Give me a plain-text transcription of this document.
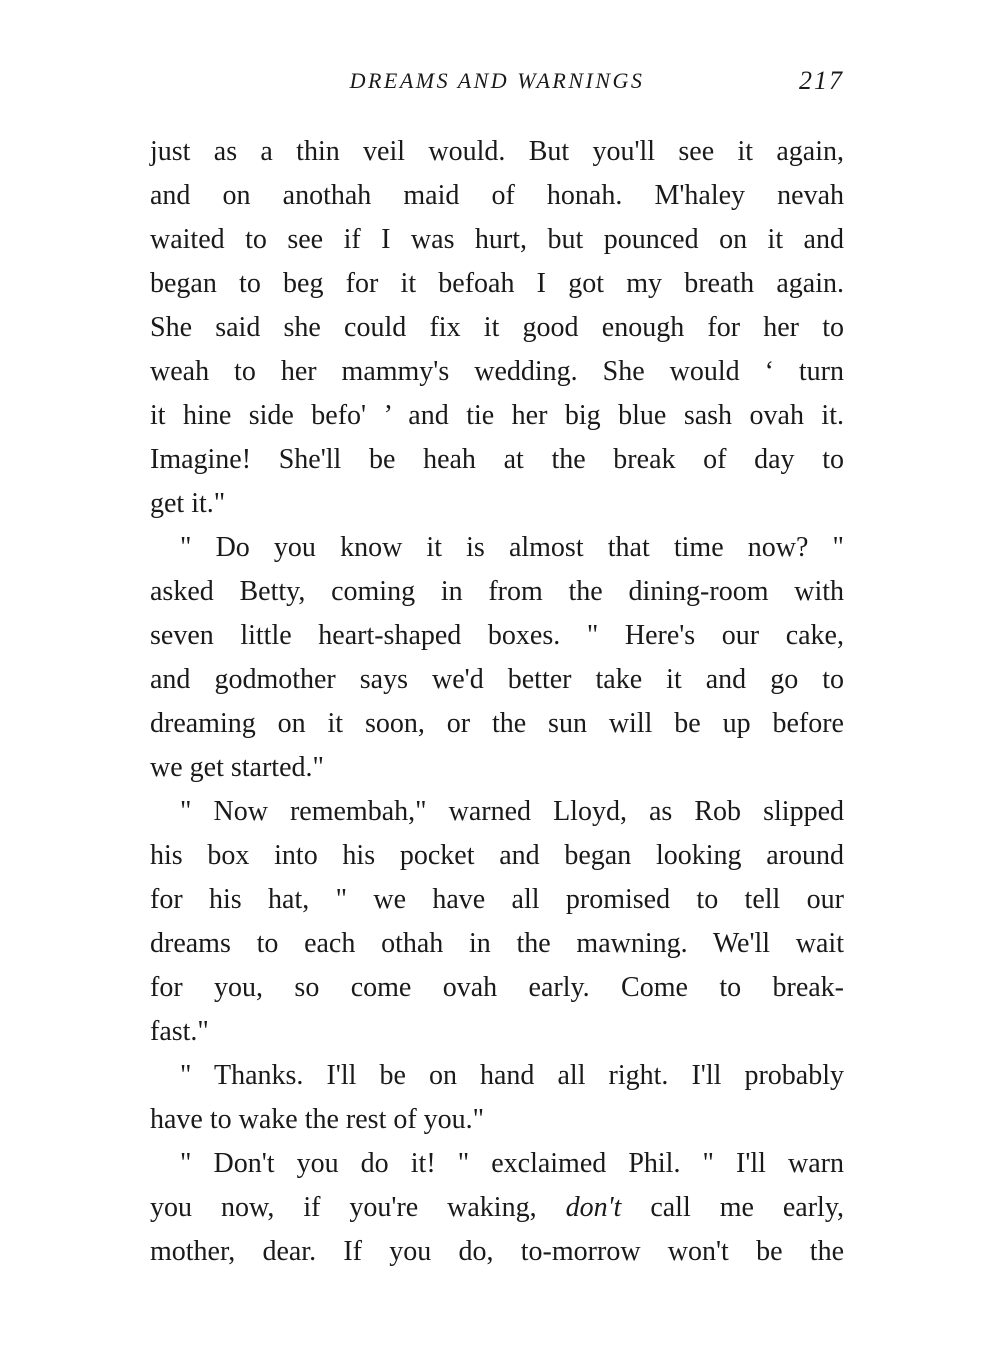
DREAMS AND WARNINGS	217
just as a thin veil would. But you'll see it again,
and on anothah maid of honah. M'haley nevah
waited to see if I was hurt, but pounced on it and
began to beg for it befoah I got my breath again.
She said she could fix it good enough for her to
weah to her mammy's wedding. She would ‘ turn
it hine side befo' ’ and tie her big blue sash ovah it.
Imagine! She'll be heah at the break of day to
get it."
" Do you know it is almost that time now? "
asked Betty, coming in from the dining-room with
seven little heart-shaped boxes. " Here's our cake,
and godmother says we'd better take it and go to
dreaming on it soon, or the sun will be up before
we get started."
" Now remembah," warned Lloyd, as Rob slipped
his box into his pocket and began looking around
for his hat, " we have all promised to tell our
dreams to each othah in the mawning. We'll wait
for you, so come ovah early. Come to break-
fast."
" Thanks. I'll be on hand all right. I'll probably
have to wake the rest of you."
" Don't you do it! " exclaimed Phil. " I'll warn
you now, if you're waking, don't call me early,
mother, dear. If you do, to-morrow won't be the
